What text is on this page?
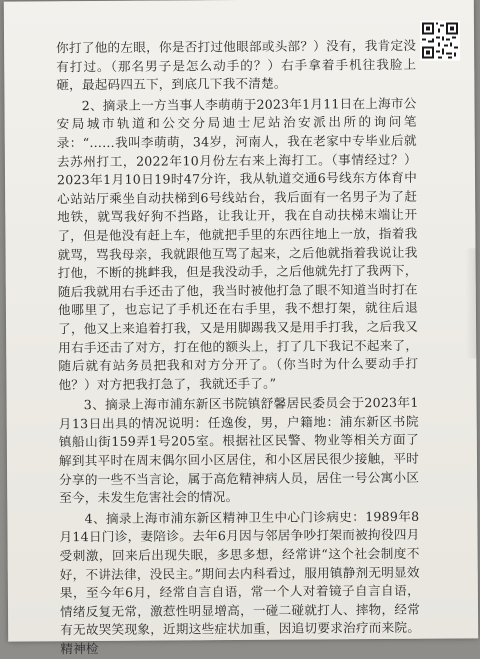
你打了他的左眼，你是否打过他眼部或头部？）没有，我肯定没有打过。（那名男子是怎么动手的？）右手拿着手机往我脸上砸，最起码四五下，到底几下我不清楚。

2、摘录上一方当事人李萌萌于2023年1月11日在上海市公安局城市轨道和公交分局迪士尼站治安派出所的询问笔录：“……我叫李萌萌，34岁，河南人，我在老家中专毕业后就去苏州打工，2022年10月份左右来上海打工。（事情经过？）2023年1月10日19时47分许，我从轨道交通6号线东方体育中心站站厅乘坐自动扶梯到6号线站台，我后面有一名男子为了赶地铁，就骂我好狗不挡路，让我让开，我在自动扶梯末端让开了，但是他没有赶上车，他就把手里的东西往地上一放，指着我就骂，骂我母亲，我就跟他互骂了起来，之后他就指着我说让我打他，不断的挑衅我，但是我没动手，之后他就先打了我两下，随后我就用右手还击了他，我当时被他打急了眼不知道当时打在他哪里了，也忘记了手机还在右手里，我不想打架，就往后退了，他又上来追着打我，又是用脚踢我又是用手打我，之后我又用右手还击了对方，打在他的额头上，打了几下我记不起来了，随后就有站务员把我和对方分开了。（你当时为什么要动手打他？）对方把我打急了，我就还手了。”

3、摘录上海市浦东新区书院镇舒馨居民委员会于2023年1月13日出具的情况说明：任逸俊，男，户籍地：浦东新区书院镇船山街159弄1号205室。根据社区民警、物业等相关方面了解到其平时在周末偶尔回小区居住，和小区居民很少接触，平时分享的一些不当言论，属于高危精神病人员，居住一号公寓小区至今，未发生危害社会的情况。

4、摘录上海市浦东新区精神卫生中心门诊病史：1989年8月14日门诊，妻陪诊。去年6月因与邻居争吵打架而被拘役四月受刺激，回来后出现失眠，多思多想，经常讲“这个社会制度不好，不讲法律，没民主。”期间去内科看过，服用镇静剂无明显效果，至今年6月，经常自言自语，常一个人对着镜子自言自语，情绪反复无常，激惹性明显增高，一碰二碰就打人、摔物，经常有无故哭笑现象，近期这些症状加重，因追切要求治疗而来院。精神检
